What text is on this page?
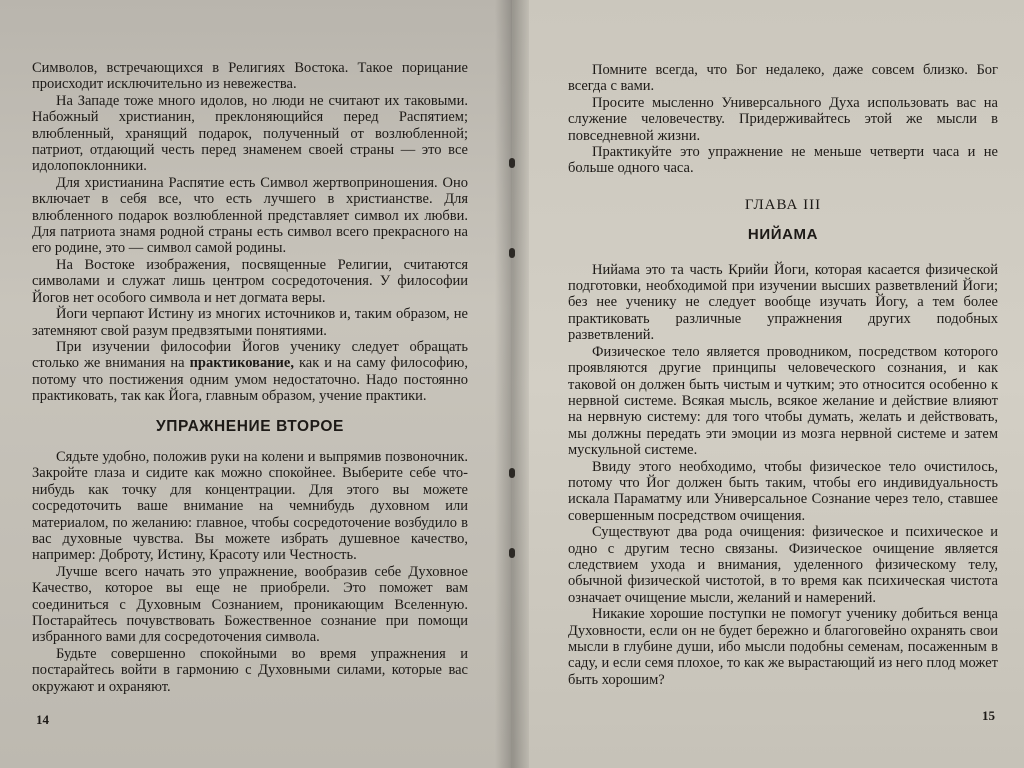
Символов, встречающихся в Религиях Востока. Такое порицание происходит исключительно из невежества.

На Западе тоже много идолов, но люди не считают их таковыми. Набожный христианин, преклоняющийся перед Распятием; влюбленный, хранящий подарок, полученный от возлюбленной; патриот, отдающий честь перед знаменем своей страны — это все идолопоклонники.

Для христианина Распятие есть Символ жертвоприношения. Оно включает в себя все, что есть лучшего в христианстве. Для влюбленного подарок возлюбленной представляет символ их любви. Для патриота знамя родной страны есть символ всего прекрасного на его родине, это — символ самой родины.

На Востоке изображения, посвященные Религии, считаются символами и служат лишь центром сосредоточения. У философии Йогов нет особого символа и нет догмата веры.

Йоги черпают Истину из многих источников и, таким образом, не затемняют свой разум предвзятыми понятиями.

При изучении философии Йогов ученику следует обращать столько же внимания на практикование, как и на саму философию, потому что постижения одним умом недостаточно. Надо постоянно практиковать, так как Йога, главным образом, учение практики.

УПРАЖНЕНИЕ ВТОРОЕ

Сядьте удобно, положив руки на колени и выпрямив позвоночник. Закройте глаза и сидите как можно спокойнее. Выберите себе что-нибудь как точку для концентрации. Для этого вы можете сосредоточить ваше внимание на чемнибудь духовном или материалом, по желанию: главное, чтобы сосредоточение возбудило в вас духовные чувства. Вы можете избрать душевное качество, например: Доброту, Истину, Красоту или Честность.

Лучше всего начать это упражнение, вообразив себе Духовное Качество, которое вы еще не приобрели. Это поможет вам соединиться с Духовным Сознанием, проникающим Вселенную. Постарайтесь почувствовать Божественное сознание при помощи избранного вами для сосредоточения символа.

Будьте совершенно спокойными во время упражнения и постарайтесь войти в гармонию с Духовными силами, которые вас окружают и охраняют.

14

Помните всегда, что Бог недалеко, даже совсем близко. Бог всегда с вами.

Просите мысленно Универсального Духа использовать вас на служение человечеству. Придерживайтесь этой же мысли в повседневной жизни.

Практикуйте это упражнение не меньше четверти часа и не больше одного часа.

ГЛАВА III

НИЙАМА

Нийама это та часть Крийи Йоги, которая касается физической подготовки, необходимой при изучении высших разветвлений Йоги; без нее ученику не следует вообще изучать Йогу, а тем более практиковать различные упражнения других подобных разветвлений.

Физическое тело является проводником, посредством которого проявляются другие принципы человеческого сознания, и как таковой он должен быть чистым и чутким; это относится особенно к нервной системе. Всякая мысль, всякое желание и действие влияют на нервную систему: для того чтобы думать, желать и действовать, мы должны передать эти эмоции из мозга нервной системе и затем мускульной системе.

Ввиду этого необходимо, чтобы физическое тело очистилось, потому что Йог должен быть таким, чтобы его индивидуальность искала Параматму или Универсальное Сознание через тело, ставшее совершенным посредством очищения.

Существуют два рода очищения: физическое и психическое и одно с другим тесно связаны. Физическое очищение является следствием ухода и внимания, уделенного физическому телу, обычной физической чистотой, в то время как психическая чистота означает очищение мысли, желаний и намерений.

Никакие хорошие поступки не помогут ученику добиться венца Духовности, если он не будет бережно и благоговейно охранять свои мысли в глубине души, ибо мысли подобны семенам, посаженным в саду, и если семя плохое, то как же вырастающий из него плод может быть хорошим?

15
